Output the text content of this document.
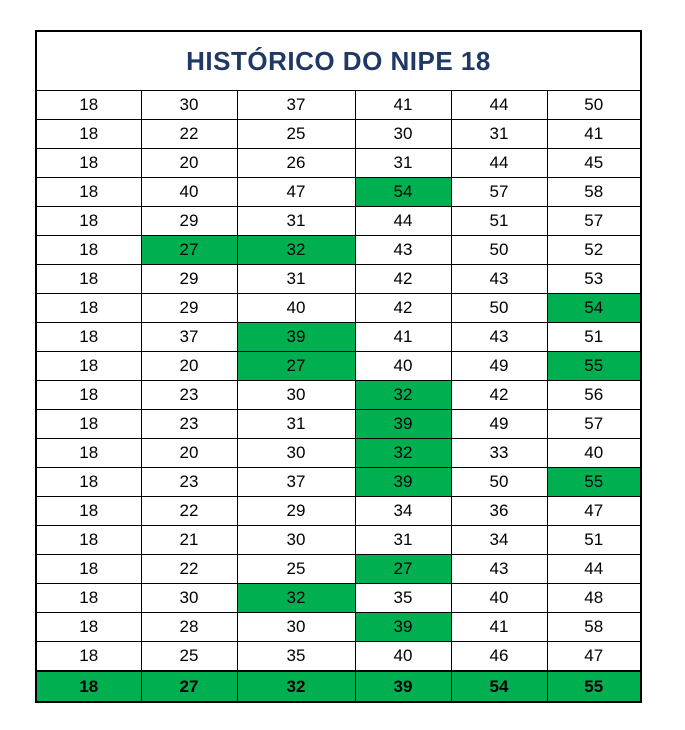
HISTÓRICO DO NIPE 18
18	30	37	41	44	50
18	22	25	30	31	41
18	20	26	31	44	45
18	40	47	54	57	58
18	29	31	44	51	57
18	27	32	43	50	52
18	29	31	42	43	53
18	29	40	42	50	54
18	37	39	41	43	51
18	20	27	40	49	55
18	23	30	32	42	56
18	23	31	39	49	57
18	20	30	32	33	40
18	23	37	39	50	55
18	22	29	34	36	47
18	21	30	31	34	51
18	22	25	27	43	44
18	30	32	35	40	48
18	28	30	39	41	58
18	25	35	40	46	47
18	27	32	39	54	55
